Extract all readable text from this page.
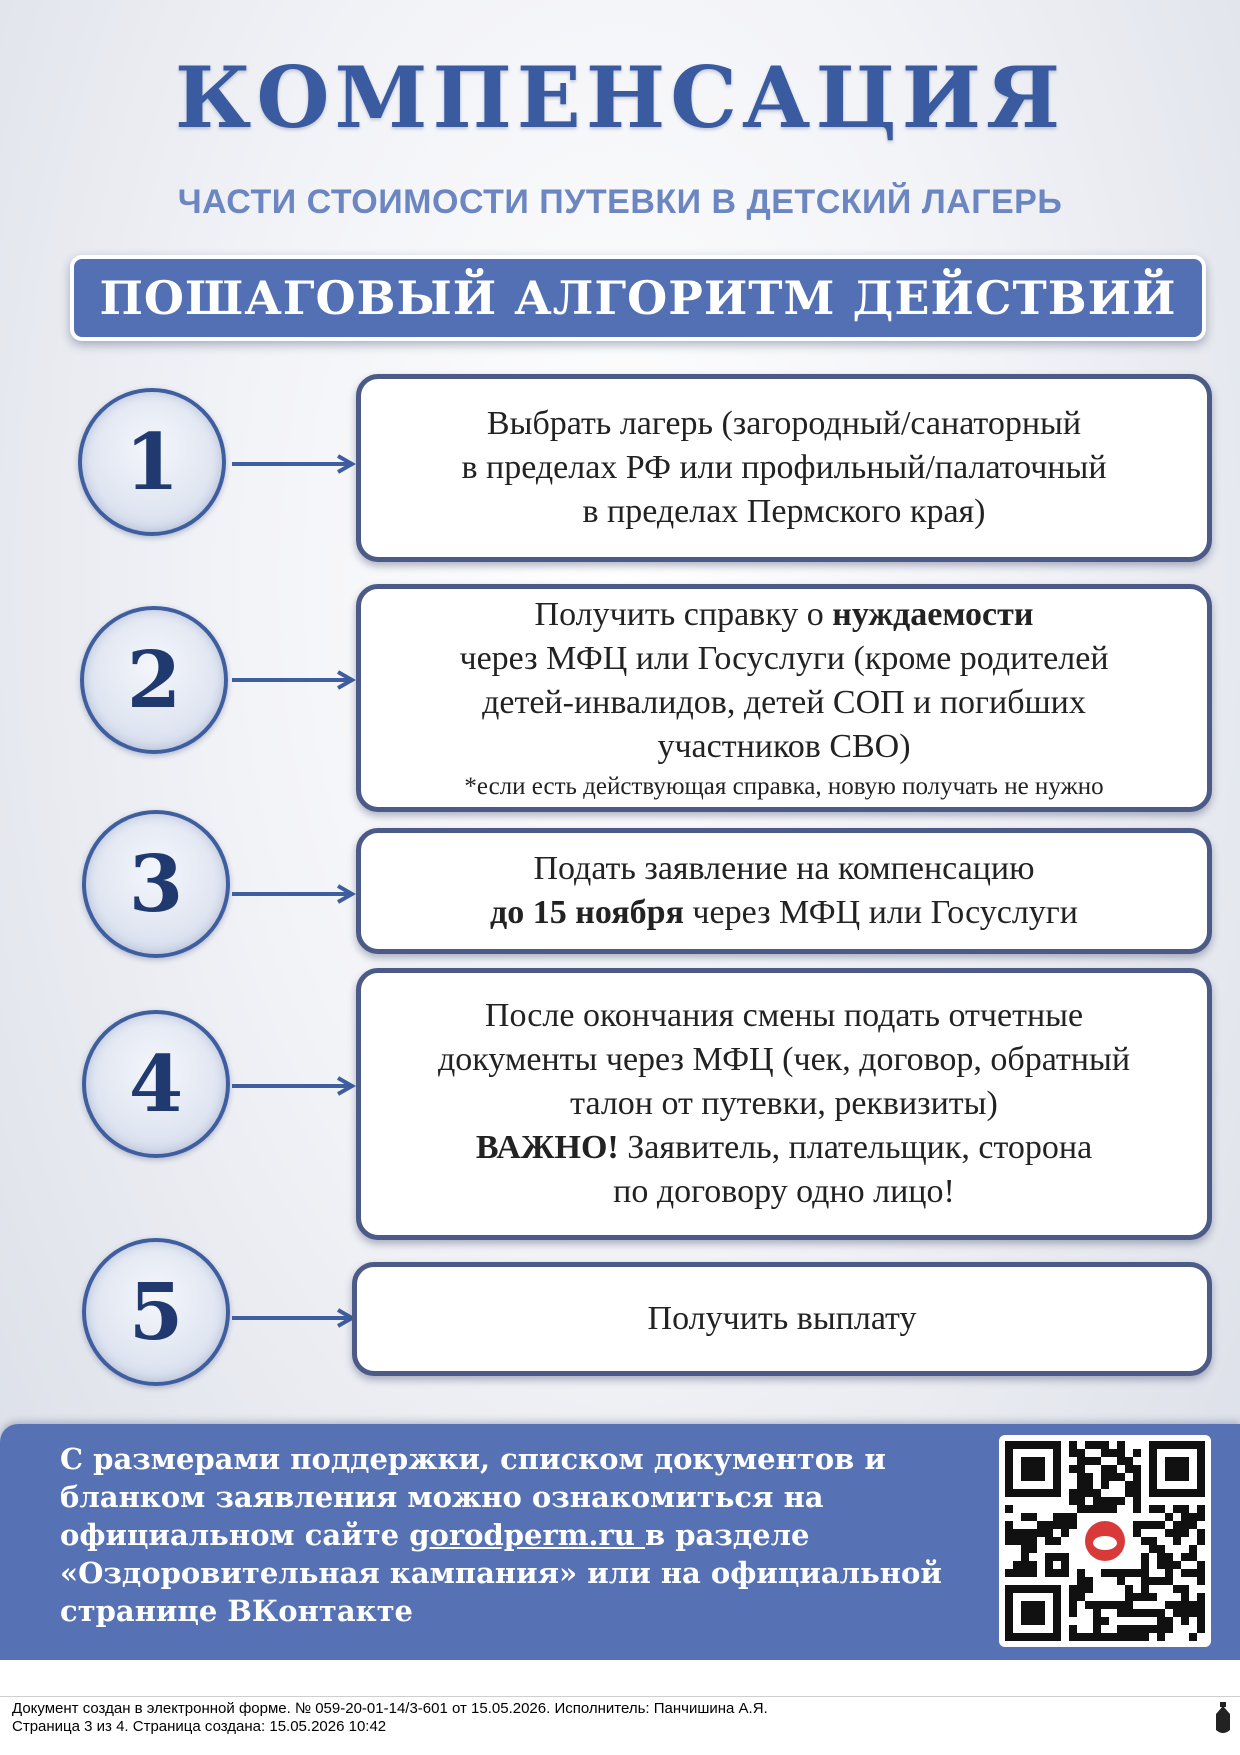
КОМПЕНСАЦИЯ
ЧАСТИ СТОИМОСТИ ПУТЕВКИ В ДЕТСКИЙ ЛАГЕРЬ
ПОШАГОВЫЙ АЛГОРИТМ ДЕЙСТВИЙ
1	Выбрать лагерь (загородный/санаторный
в пределах РФ или профильный/палаточный
в пределах Пермского края)
2
Получить справку о нуждаемости
через МФЦ или Госуслуги (кроме родителей
детей-инвалидов, детей СОП и погибших
участников СВО)
*если есть действующая справка, новую получать не нужно
3	Подать заявление на компенсацию
до 15 ноября через МФЦ или Госуслуги
4
После окончания смены подать отчетные
документы через МФЦ (чек, договор, обратный
талон от путевки, реквизиты)
ВАЖНО! Заявитель, плательщик, сторона
по договору одно лицо!
5	Получить выплату
С размерами поддержки, списком документов и
бланком заявления можно ознакомиться на
официальном сайте gorodperm.ru в разделе
«Оздоровительная кампания» или на официальной
странице ВКонтакте
Документ создан в электронной форме. № 059-20-01-14/3-601 от 15.05.2026. Исполнитель: Панчишина А.Я.
Страница 3 из 4. Страница создана: 15.05.2026 10:42
